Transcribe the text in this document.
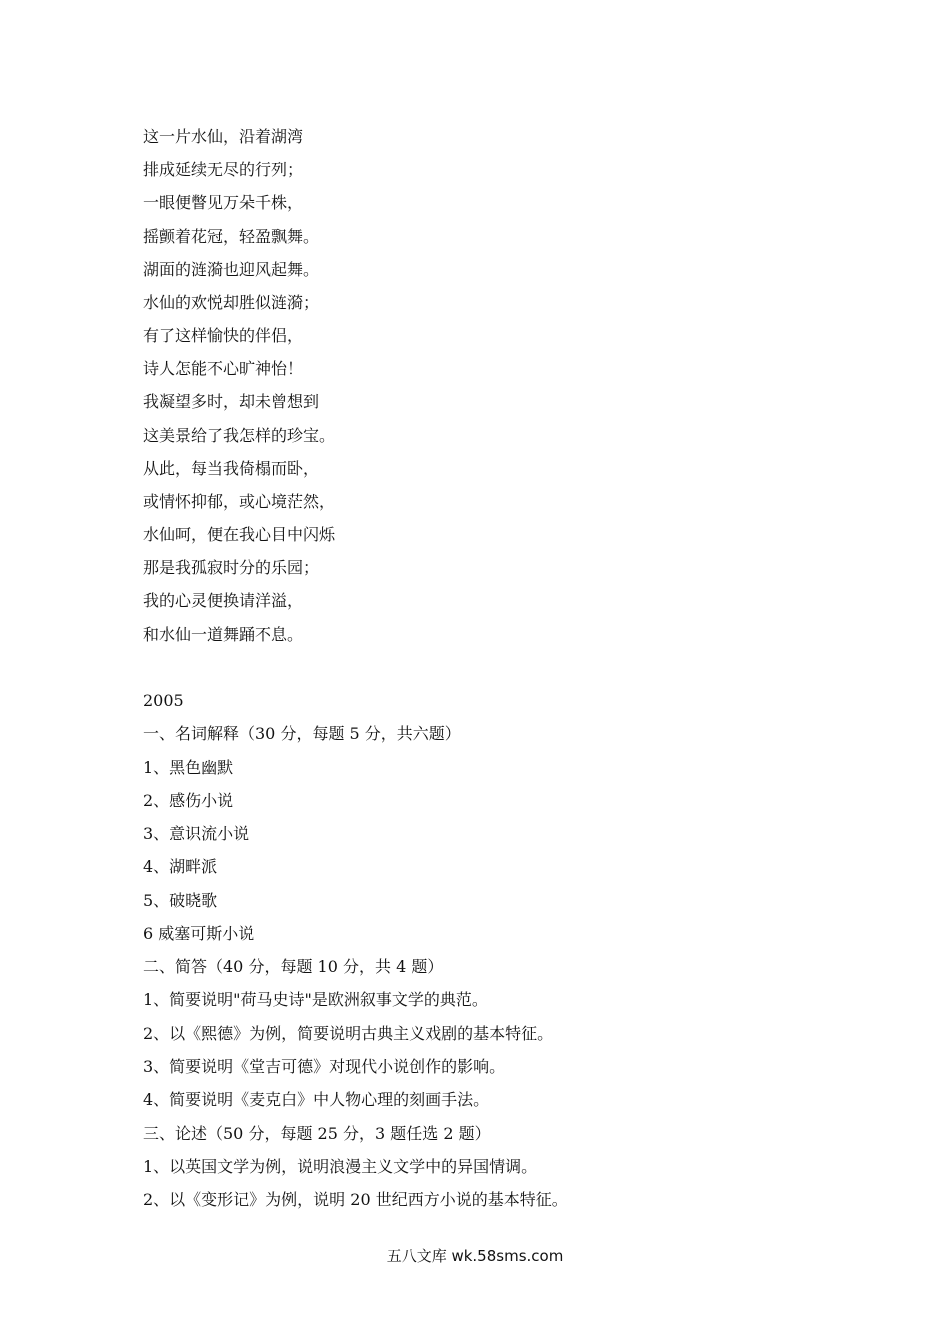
这一片水仙，沿着湖湾
排成延续无尽的行列；
一眼便瞥见万朵千株，
摇颤着花冠，轻盈飘舞。
湖面的涟漪也迎风起舞。
水仙的欢悦却胜似涟漪；
有了这样愉快的伴侣，
诗人怎能不心旷神怡！
我凝望多时，却未曾想到
这美景给了我怎样的珍宝。
从此，每当我倚榻而卧，
或情怀抑郁，或心境茫然，
水仙呵，便在我心目中闪烁
那是我孤寂时分的乐园；
我的心灵便换请洋溢，
和水仙一道舞踊不息。
2005
一、名词解释（30 分，每题 5 分，共六题）
1、黑色幽默
2、感伤小说
3、意识流小说
4、湖畔派
5、破晓歌
6 威塞可斯小说
二、简答（40 分，每题 10 分，共 4 题）
1、简要说明"荷马史诗"是欧洲叙事文学的典范。
2、以《熙德》为例，简要说明古典主义戏剧的基本特征。
3、简要说明《堂吉可德》对现代小说创作的影响。
4、简要说明《麦克白》中人物心理的刻画手法。
三、论述（50 分，每题 25 分，3 题任选 2 题）
1、以英国文学为例，说明浪漫主义文学中的异国情调。
2、以《变形记》为例，说明 20 世纪西方小说的基本特征。
五八文库 wk.58sms.com
